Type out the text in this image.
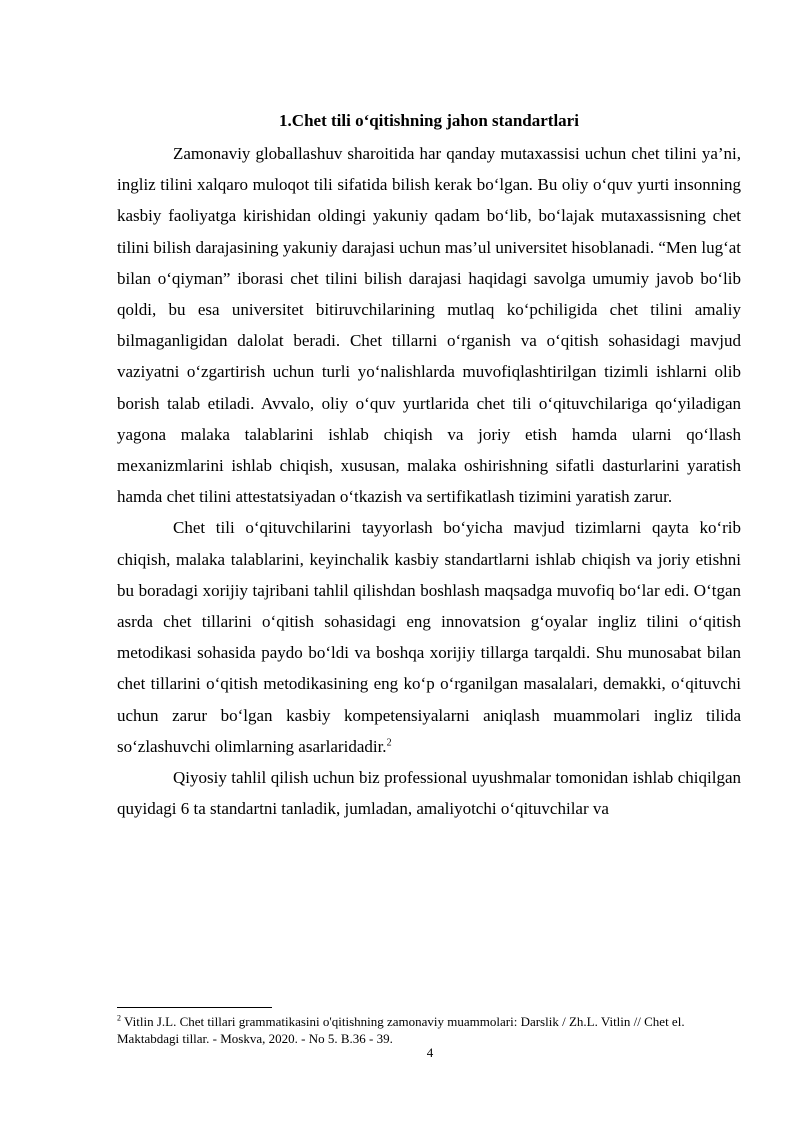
1.Chet tili o‘qitishning jahon standartlari

Zamonaviy globallashuv sharoitida har qanday mutaxassisi uchun chet tilini ya’ni, ingliz tilini xalqaro muloqot tili sifatida bilish kerak bo‘lgan. Bu oliy o‘quv yurti insonning kasbiy faoliyatga kirishidan oldingi yakuniy qadam bo‘lib, bo‘lajak mutaxassisning chet tilini bilish darajasining yakuniy darajasi uchun mas’ul universitet hisoblanadi. “Men lug‘at bilan o‘qiyman” iborasi chet tilini bilish darajasi haqidagi savolga umumiy javob bo‘lib qoldi, bu esa universitet bitiruvchilarining mutlaq ko‘pchiligida chet tilini amaliy bilmaganligidan dalolat beradi. Chet tillarni o‘rganish va o‘qitish sohasidagi mavjud vaziyatni o‘zgartirish uchun turli yo‘nalishlarda muvofiqlashtirilgan tizimli ishlarni olib borish talab etiladi. Avvalo, oliy o‘quv yurtlarida chet tili o‘qituvchilariga qo‘yiladigan yagona malaka talablarini ishlab chiqish va joriy etish hamda ularni qo‘llash mexanizmlarini ishlab chiqish, xususan, malaka oshirishning sifatli dasturlarini yaratish hamda chet tilini attestatsiyadan o‘tkazish va sertifikatlash tizimini yaratish zarur.

Chet tili o‘qituvchilarini tayyorlash bo‘yicha mavjud tizimlarni qayta ko‘rib chiqish, malaka talablarini, keyinchalik kasbiy standartlarni ishlab chiqish va joriy etishni bu boradagi xorijiy tajribani tahlil qilishdan boshlash maqsadga muvofiq bo‘lar edi. O‘tgan asrda chet tillarini o‘qitish sohasidagi eng innovatsion g‘oyalar ingliz tilini o‘qitish metodikasi sohasida paydo bo‘ldi va boshqa xorijiy tillarga tarqaldi. Shu munosabat bilan chet tillarini o‘qitish metodikasining eng ko‘p o‘rganilgan masalalari, demakki, o‘qituvchi uchun zarur bo‘lgan kasbiy kompetensiyalarni aniqlash muammolari ingliz tilida so‘zlashuvchi olimlarning asarlaridadir.$^2$

Qiyosiy tahlil qilish uchun biz professional uyushmalar tomonidan ishlab chiqilgan quyidagi 6 ta standartni tanladik, jumladan, amaliyotchi o‘qituvchilar va

$^2$ Vitlin J.L. Chet tillari grammatikasini o'qitishning zamonaviy muammolari: Darslik / Zh.L. Vitlin // Chet el. Maktabdagi tillar. - Moskva, 2020. - No 5. B.36 - 39.
4
